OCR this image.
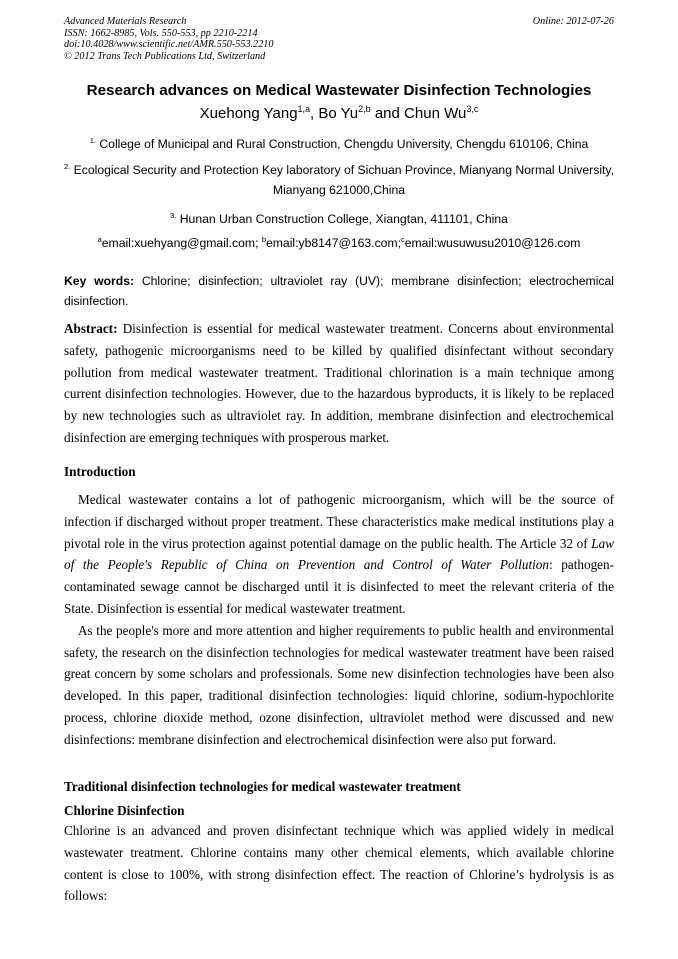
Advanced Materials Research
ISSN: 1662-8985, Vols. 550-553, pp 2210-2214
doi:10.4028/www.scientific.net/AMR.550-553.2210
© 2012 Trans Tech Publications Ltd, Switzerland
Online: 2012-07-26
Research advances on Medical Wastewater Disinfection Technologies
Xuehong Yang$^{1,a}$, Bo Yu$^{2,b}$ and Chun Wu$^{3,c}$
$^{1.}$ College of Municipal and Rural Construction, Chengdu University, Chengdu 610106, China
$^{2.}$ Ecological Security and Protection Key laboratory of Sichuan Province, Mianyang Normal University, Mianyang 621000,China
$^{3.}$ Hunan Urban Construction College, Xiangtan, 411101, China
$^a$email:xuehyang@gmail.com; $^b$email:yb8147@163.com;$^c$email:wusuwusu2010@126.com
Key words: Chlorine; disinfection; ultraviolet ray (UV); membrane disinfection; electrochemical disinfection.
Abstract: Disinfection is essential for medical wastewater treatment. Concerns about environmental safety, pathogenic microorganisms need to be killed by qualified disinfectant without secondary pollution from medical wastewater treatment. Traditional chlorination is a main technique among current disinfection technologies. However, due to the hazardous byproducts, it is likely to be replaced by new technologies such as ultraviolet ray. In addition, membrane disinfection and electrochemical disinfection are emerging techniques with prosperous market.
Introduction

Medical wastewater contains a lot of pathogenic microorganism, which will be the source of infection if discharged without proper treatment. These characteristics make medical institutions play a pivotal role in the virus protection against potential damage on the public health. The Article 32 of Law of the People's Republic of China on Prevention and Control of Water Pollution: pathogen-contaminated sewage cannot be discharged until it is disinfected to meet the relevant criteria of the State. Disinfection is essential for medical wastewater treatment.

As the people's more and more attention and higher requirements to public health and environmental safety, the research on the disinfection technologies for medical wastewater treatment have been raised great concern by some scholars and professionals. Some new disinfection technologies have been also developed. In this paper, traditional disinfection technologies: liquid chlorine, sodium-hypochlorite process, chlorine dioxide method, ozone disinfection, ultraviolet method were discussed and new disinfections: membrane disinfection and electrochemical disinfection were also put forward.

Traditional disinfection technologies for medical wastewater treatment
Chlorine Disinfection
Chlorine is an advanced and proven disinfectant technique which was applied widely in medical wastewater treatment. Chlorine contains many other chemical elements, which available chlorine content is close to 100%, with strong disinfection effect. The reaction of Chlorine’s hydrolysis is as follows:
